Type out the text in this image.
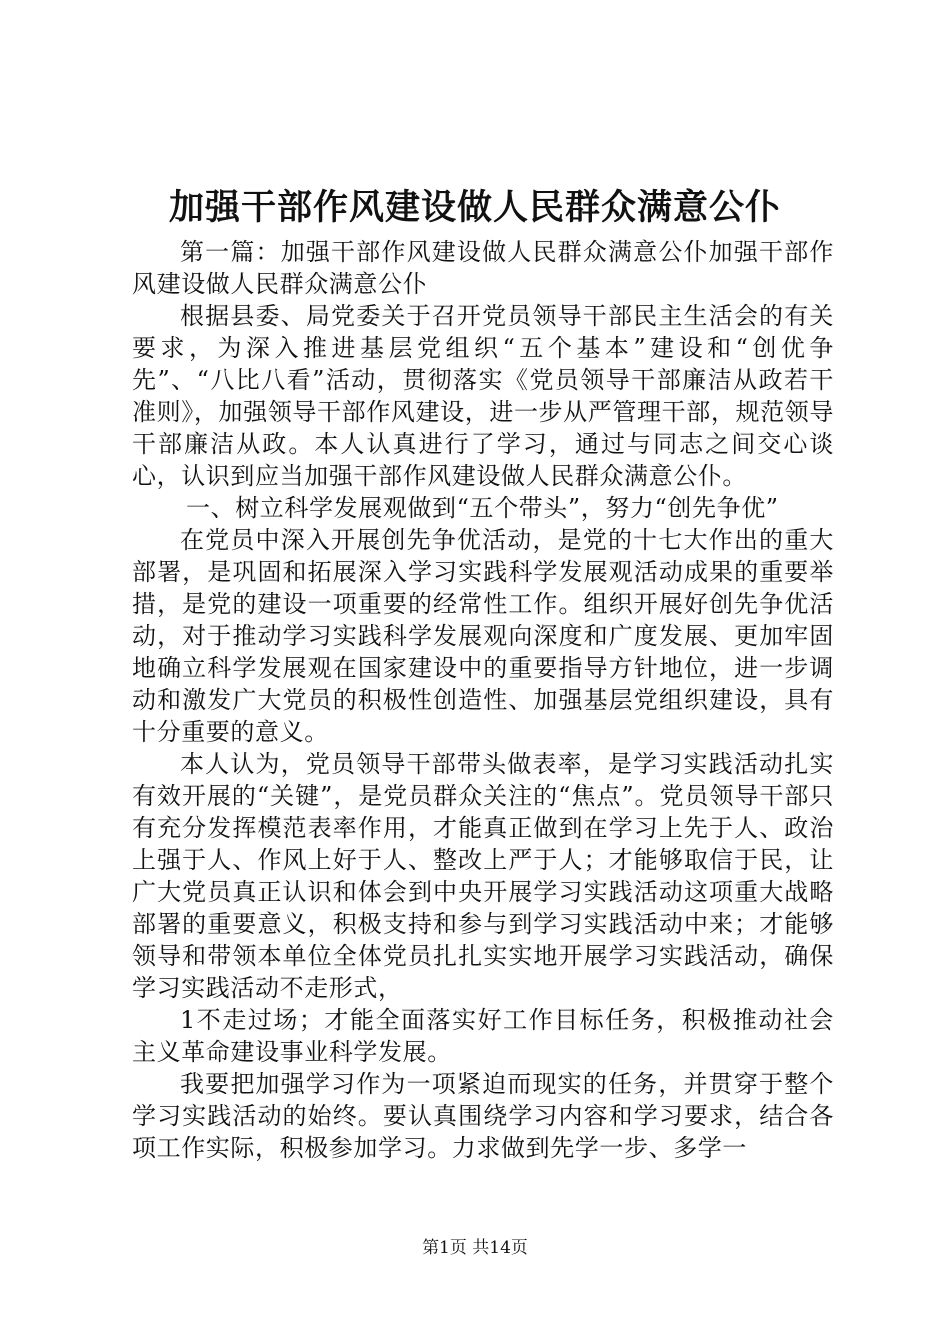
加强干部作风建设做人民群众满意公仆

第一篇：加强干部作风建设做人民群众满意公仆加强干部作风建设做人民群众满意公仆

根据县委、局党委关于召开党员领导干部民主生活会的有关要求，为深入推进基层党组织“五个基本”建设和“创优争先”、“八比八看”活动，贯彻落实《党员领导干部廉洁从政若干准则》，加强领导干部作风建设，进一步从严管理干部，规范领导干部廉洁从政。本人认真进行了学习，通过与同志之间交心谈心，认识到应当加强干部作风建设做人民群众满意公仆。

一、树立科学发展观做到“五个带头”，努力“创先争优”

在党员中深入开展创先争优活动，是党的十七大作出的重大部署，是巩固和拓展深入学习实践科学发展观活动成果的重要举措，是党的建设一项重要的经常性工作。组织开展好创先争优活动，对于推动学习实践科学发展观向深度和广度发展、更加牢固地确立科学发展观在国家建设中的重要指导方针地位，进一步调动和激发广大党员的积极性创造性、加强基层党组织建设，具有十分重要的意义。

本人认为，党员领导干部带头做表率，是学习实践活动扎实有效开展的“关键”，是党员群众关注的“焦点”。党员领导干部只有充分发挥模范表率作用，才能真正做到在学习上先于人、政治上强于人、作风上好于人、整改上严于人；才能够取信于民，让广大党员真正认识和体会到中央开展学习实践活动这项重大战略部署的重要意义，积极支持和参与到学习实践活动中来；才能够领导和带领本单位全体党员扎扎实实地开展学习实践活动，确保学习实践活动不走形式，

1不走过场；才能全面落实好工作目标任务，积极推动社会主义革命建设事业科学发展。

我要把加强学习作为一项紧迫而现实的任务，并贯穿于整个学习实践活动的始终。要认真围绕学习内容和学习要求，结合各项工作实际，积极参加学习。力求做到先学一步、多学一

第1页 共14页
